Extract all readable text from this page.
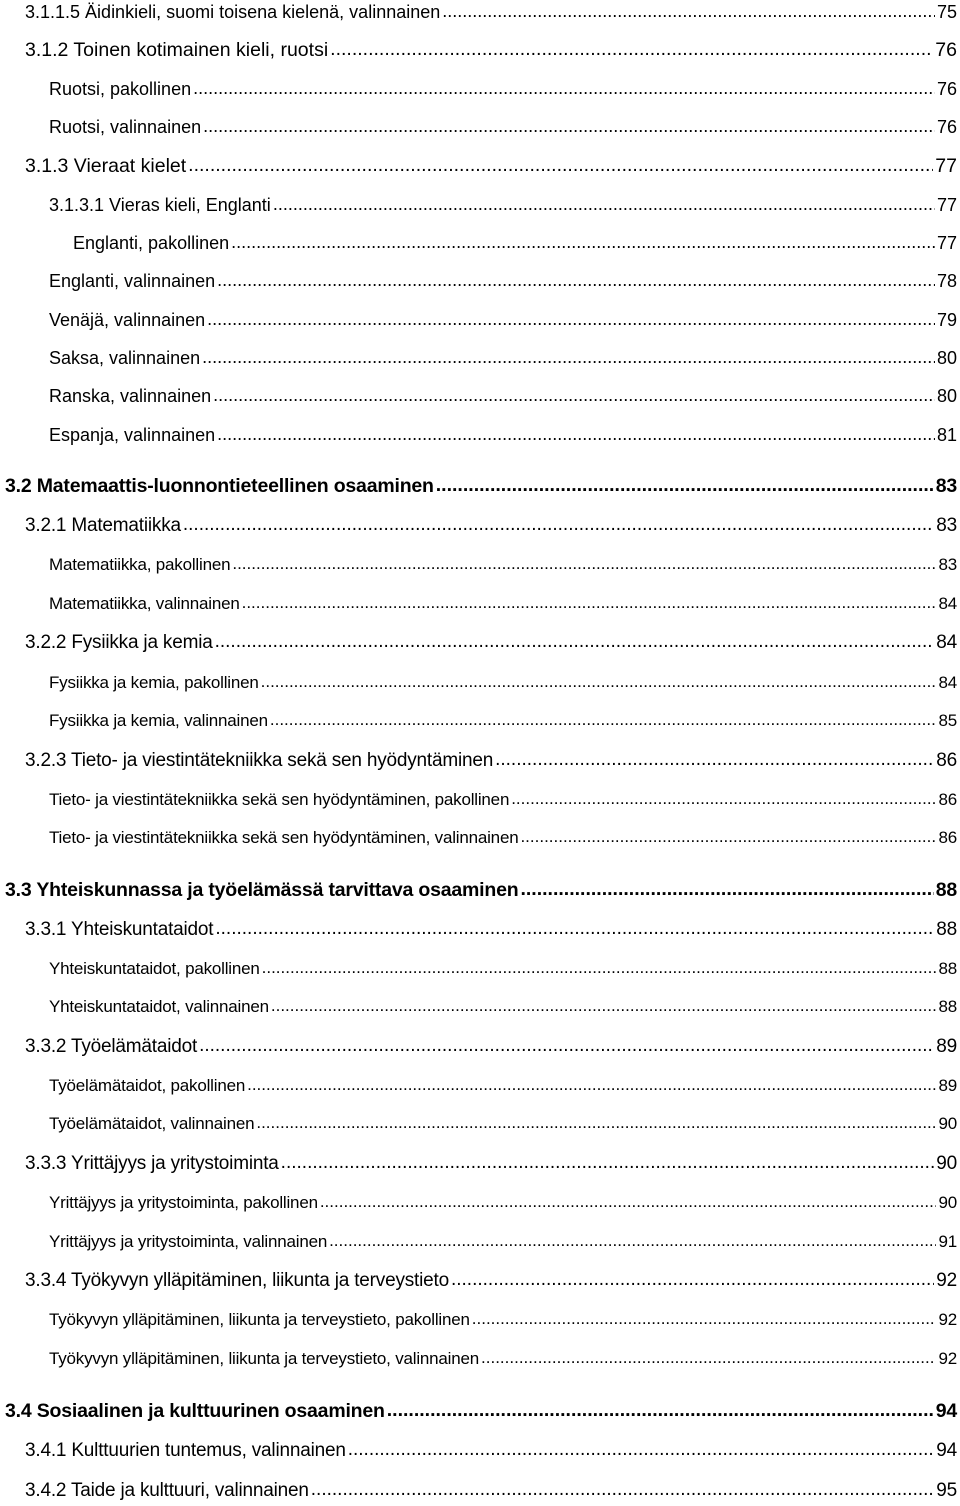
3.1.1.5 Äidinkieli, suomi toisena kielenä, valinnainen .....	75
3.1.2 Toinen kotimainen kieli, ruotsi .....	76
Ruotsi, pakollinen .....	76
Ruotsi, valinnainen .....	76
3.1.3 Vieraat kielet .....	77
3.1.3.1 Vieras kieli, Englanti .....	77
Englanti, pakollinen .....	77
Englanti, valinnainen .....	78
Venäjä, valinnainen .....	79
Saksa, valinnainen .....	80
Ranska, valinnainen .....	80
Espanja, valinnainen .....	81
3.2 Matemaattis-luonnontieteellinen osaaminen .....	83
3.2.1 Matematiikka .....	83
Matematiikka, pakollinen .....	83
Matematiikka, valinnainen .....	84
3.2.2 Fysiikka ja kemia .....	84
Fysiikka ja kemia, pakollinen .....	84
Fysiikka ja kemia, valinnainen .....	85
3.2.3 Tieto- ja viestintätekniikka sekä sen hyödyntäminen .....	86
Tieto- ja viestintätekniikka sekä sen hyödyntäminen, pakollinen .....	86
Tieto- ja viestintätekniikka sekä sen hyödyntäminen, valinnainen .....	86
3.3 Yhteiskunnassa ja työelämässä tarvittava osaaminen .....	88
3.3.1 Yhteiskuntataidot .....	88
Yhteiskuntataidot, pakollinen .....	88
Yhteiskuntataidot, valinnainen .....	88
3.3.2 Työelämätaidot .....	89
Työelämätaidot, pakollinen .....	89
Työelämätaidot, valinnainen .....	90
3.3.3 Yrittäjyys ja yritystoiminta .....	90
Yrittäjyys ja yritystoiminta, pakollinen .....	90
Yrittäjyys ja yritystoiminta, valinnainen .....	91
3.3.4 Työkyvyn ylläpitäminen, liikunta ja terveystieto .....	92
Työkyvyn ylläpitäminen, liikunta ja terveystieto, pakollinen .....	92
Työkyvyn ylläpitäminen, liikunta ja terveystieto, valinnainen .....	92
3.4 Sosiaalinen ja kulttuurinen osaaminen .....	94
3.4.1 Kulttuurien tuntemus, valinnainen .....	94
3.4.2 Taide ja kulttuuri, valinnainen .....	95
